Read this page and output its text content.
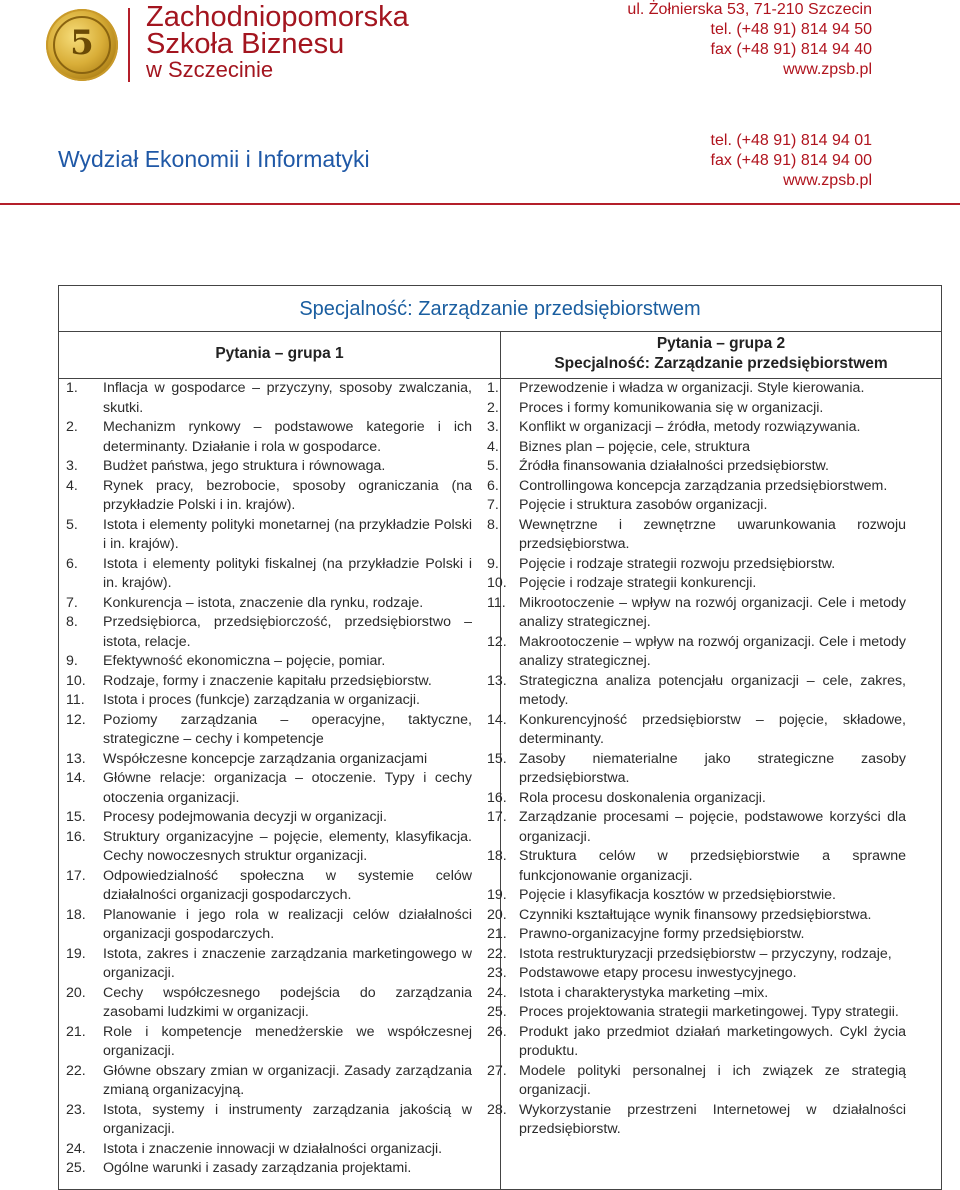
5
Zachodniopomorska
Szkoła Biznesu
w Szczecinie
ul. Żołnierska 53, 71-210 Szczecin
tel. (+48 91) 814 94 50
fax (+48 91) 814 94 40
www.zpsb.pl
Wydział Ekonomii i Informatyki
tel. (+48 91) 814 94 01
fax (+48 91) 814 94 00
www.zpsb.pl
Specjalność: Zarządzanie przedsiębiorstwem
Pytania – grupa 1
Pytania – grupa 2
Specjalność: Zarządzanie przedsiębiorstwem
1.	Inflacja w gospodarce – przyczyny, sposoby zwalczania, skutki.
2.	Mechanizm rynkowy – podstawowe kategorie i ich determinanty. Działanie i rola w gospodarce.
3.	Budżet państwa, jego struktura i równowaga.
4.	Rynek pracy, bezrobocie, sposoby ograniczania (na przykładzie Polski i in. krajów).
5.	Istota i elementy polityki monetarnej (na przykładzie Polski i in. krajów).
6.	Istota i elementy polityki fiskalnej (na przykładzie Polski i in. krajów).
7.	Konkurencja – istota, znaczenie dla rynku, rodzaje.
8.	Przedsiębiorca, przedsiębiorczość, przedsiębiorstwo – istota, relacje.
9.	Efektywność ekonomiczna – pojęcie, pomiar.
10.	Rodzaje, formy i znaczenie kapitału przedsiębiorstw.
11.	Istota i proces (funkcje) zarządzania w organizacji.
12.	Poziomy zarządzania – operacyjne, taktyczne, strategiczne – cechy i kompetencje
13.	Współczesne koncepcje zarządzania organizacjami
14.	Główne relacje: organizacja – otoczenie. Typy i cechy otoczenia organizacji.
15.	Procesy podejmowania decyzji w organizacji.
16.	Struktury organizacyjne – pojęcie, elementy, klasyfikacja. Cechy nowoczesnych struktur organizacji.
17.	Odpowiedzialność społeczna w systemie celów działalności organizacji gospodarczych.
18.	Planowanie i jego rola w realizacji celów działalności organizacji gospodarczych.
19.	Istota, zakres i znaczenie zarządzania marketingowego w organizacji.
20.	Cechy współczesnego podejścia do zarządzania zasobami ludzkimi w organizacji.
21.	Role i kompetencje menedżerskie we współczesnej organizacji.
22.	Główne obszary zmian w organizacji. Zasady zarządzania zmianą organizacyjną.
23.	Istota, systemy i instrumenty zarządzania jakością w organizacji.
24.	Istota i znaczenie innowacji w działalności organizacji.
25.	Ogólne warunki i zasady zarządzania projektami.
1.	Przewodzenie i władza w organizacji. Style kierowania.
2.	Proces i formy komunikowania się w organizacji.
3.	Konflikt w organizacji – źródła, metody rozwiązywania.
4.	Biznes plan – pojęcie, cele, struktura
5.	Źródła finansowania działalności przedsiębiorstw.
6.	Controllingowa koncepcja zarządzania przedsiębiorstwem.
7.	Pojęcie i struktura zasobów organizacji.
8.	Wewnętrzne i zewnętrzne uwarunkowania rozwoju przedsiębiorstwa.
9.	Pojęcie i rodzaje strategii rozwoju przedsiębiorstw.
10. Pojęcie i rodzaje strategii konkurencji.
11. Mikrootoczenie – wpływ na rozwój organizacji. Cele i metody analizy strategicznej.
12. Makrootoczenie – wpływ na rozwój organizacji. Cele i metody analizy strategicznej.
13. Strategiczna analiza potencjału organizacji – cele, zakres, metody.
14. Konkurencyjność przedsiębiorstw – pojęcie, składowe, determinanty.
15. Zasoby niematerialne jako strategiczne zasoby przedsiębiorstwa.
16. Rola procesu doskonalenia organizacji.
17. Zarządzanie procesami – pojęcie, podstawowe korzyści dla organizacji.
18. Struktura celów w przedsiębiorstwie a sprawne funkcjonowanie organizacji.
19. Pojęcie i klasyfikacja kosztów w przedsiębiorstwie.
20. Czynniki kształtujące wynik finansowy przedsiębiorstwa.
21. Prawno-organizacyjne formy przedsiębiorstw.
22. Istota restrukturyzacji przedsiębiorstw – przyczyny, rodzaje,
23. Podstawowe etapy procesu inwestycyjnego.
24. Istota i charakterystyka marketing –mix.
25. Proces projektowania strategii marketingowej. Typy strategii.
26. Produkt jako przedmiot działań marketingowych. Cykl życia produktu.
27. Modele polityki personalnej i ich związek ze strategią organizacji.
28. Wykorzystanie przestrzeni Internetowej w działalności przedsiębiorstw.
